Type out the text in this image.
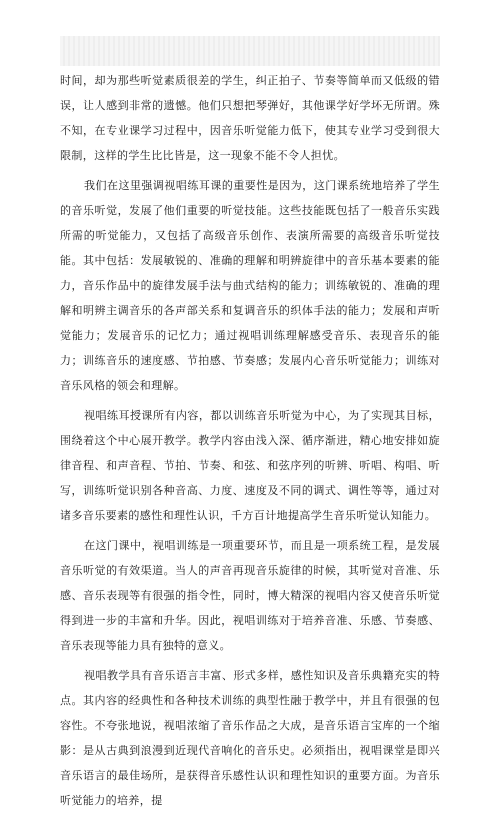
时间，却为那些听觉素质很差的学生，纠正拍子、节奏等简单而又低级的错误，让人感到非常的遗憾。他们只想把琴弹好，其他课学好学坏无所谓。殊不知，在专业课学习过程中，因音乐听觉能力低下，使其专业学习受到很大限制，这样的学生比比皆是，这一现象不能不令人担忧。

我们在这里强调视唱练耳课的重要性是因为，这门课系统地培养了学生的音乐听觉，发展了他们重要的听觉技能。这些技能既包括了一般音乐实践所需的听觉能力，又包括了高级音乐创作、表演所需要的高级音乐听觉技能。其中包括：发展敏锐的、准确的理解和明辨旋律中的音乐基本要素的能力，音乐作品中的旋律发展手法与曲式结构的能力；训练敏锐的、准确的理解和明辨主调音乐的各声部关系和复调音乐的织体手法的能力；发展和声听觉能力；发展音乐的记忆力；通过视唱训练理解感受音乐、表现音乐的能力；训练音乐的速度感、节拍感、节奏感；发展内心音乐听觉能力；训练对音乐风格的领会和理解。

视唱练耳授课所有内容，都以训练音乐听觉为中心，为了实现其目标，围绕着这个中心展开教学。教学内容由浅入深、循序渐进，精心地安排如旋律音程、和声音程、节拍、节奏、和弦、和弦序列的听辨、听唱、构唱、听写，训练听觉识别各种音高、力度、速度及不同的调式、调性等等，通过对诸多音乐要素的感性和理性认识，千方百计地提高学生音乐听觉认知能力。

在这门课中，视唱训练是一项重要环节，而且是一项系统工程，是发展音乐听觉的有效渠道。当人的声音再现音乐旋律的时候，其听觉对音准、乐感、音乐表现等有很强的指令性，同时，博大精深的视唱内容又使音乐听觉得到进一步的丰富和升华。因此，视唱训练对于培养音准、乐感、节奏感、音乐表现等能力具有独特的意义。

视唱教学具有音乐语言丰富、形式多样，感性知识及音乐典籍充实的特点。其内容的经典性和各种技术训练的典型性融于教学中，并且有很强的包容性。不夸张地说，视唱浓缩了音乐作品之大成，是音乐语言宝库的一个缩影：是从古典到浪漫到近现代音响化的音乐史。必须指出，视唱课堂是即兴音乐语言的最佳场所，是获得音乐感性认识和理性知识的重要方面。为音乐听觉能力的培养，提
